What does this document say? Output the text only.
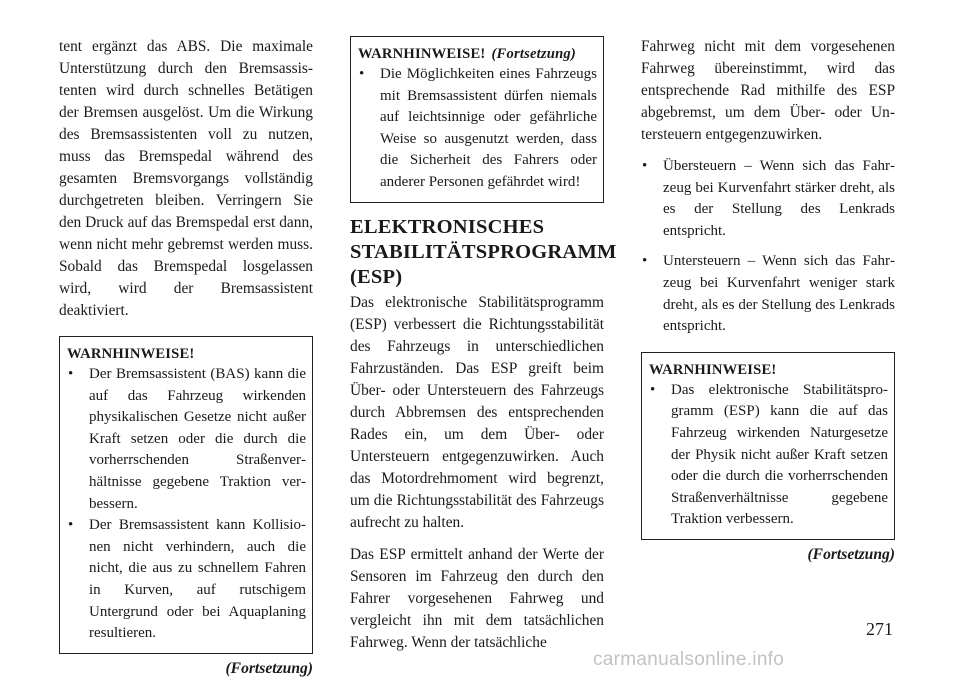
tent ergänzt das ABS. Die maximale Unterstützung durch den Bremsassistenten wird durch schnelles Betätigen der Bremsen ausgelöst. Um die Wirkung des Bremsassistenten voll zu nutzen, muss das Bremspedal während des gesamten Bremsvorgangs vollständig durchgetreten bleiben. Verringern Sie den Druck auf das Bremspedal erst dann, wenn nicht mehr gebremst werden muss. Sobald das Bremspedal losgelassen wird, wird der Bremsassistent deaktiviert.

WARNHINWEISE!
• Der Bremsassistent (BAS) kann die auf das Fahrzeug wirkenden physikalischen Gesetze nicht außer Kraft setzen oder die durch die vorherrschenden Straßenverhältnisse gegebene Traktion verbessern.
• Der Bremsassistent kann Kollisionen nicht verhindern, auch die nicht, die aus zu schnellem Fahren in Kurven, auf rutschigem Untergrund oder bei Aquaplaning resultieren.
(Fortsetzung)
WARNHINWEISE! (Fortsetzung)
• Die Möglichkeiten eines Fahrzeugs mit Bremsassistent dürfen niemals auf leichtsinnige oder gefährliche Weise so ausgenutzt werden, dass die Sicherheit des Fahrers oder anderer Personen gefährdet wird!
ELEKTRONISCHES STABILITÄTSPROGRAMM (ESP)

Das elektronische Stabilitätsprogramm (ESP) verbessert die Richtungsstabilität des Fahrzeugs in unterschiedlichen Fahrzuständen. Das ESP greift beim Über- oder Untersteuern des Fahrzeugs durch Abbremsen des entsprechenden Rades ein, um dem Über- oder Untersteuern entgegenzuwirken. Auch das Motordrehmoment wird begrenzt, um die Richtungsstabilität des Fahrzeugs aufrecht zu halten.

Das ESP ermittelt anhand der Werte der Sensoren im Fahrzeug den durch den Fahrer vorgesehenen Fahrweg und vergleicht ihn mit dem tatsächlichen Fahrweg. Wenn der tatsächliche

Fahrweg nicht mit dem vorgesehenen Fahrweg übereinstimmt, wird das entsprechende Rad mithilfe des ESP abgebremst, um dem Über- oder Untersteuern entgegenzuwirken.

• Übersteuern – Wenn sich das Fahrzeug bei Kurvenfahrt stärker dreht, als es der Stellung des Lenkrads entspricht.
• Untersteuern – Wenn sich das Fahrzeug bei Kurvenfahrt weniger stark dreht, als es der Stellung des Lenkrads entspricht.
WARNHINWEISE!
• Das elektronische Stabilitätsprogramm (ESP) kann die auf das Fahrzeug wirkenden Naturgesetze der Physik nicht außer Kraft setzen oder die durch die vorherrschenden Straßenverhältnisse gegebene Traktion verbessern.
(Fortsetzung)
271
carmanualsonline.info
